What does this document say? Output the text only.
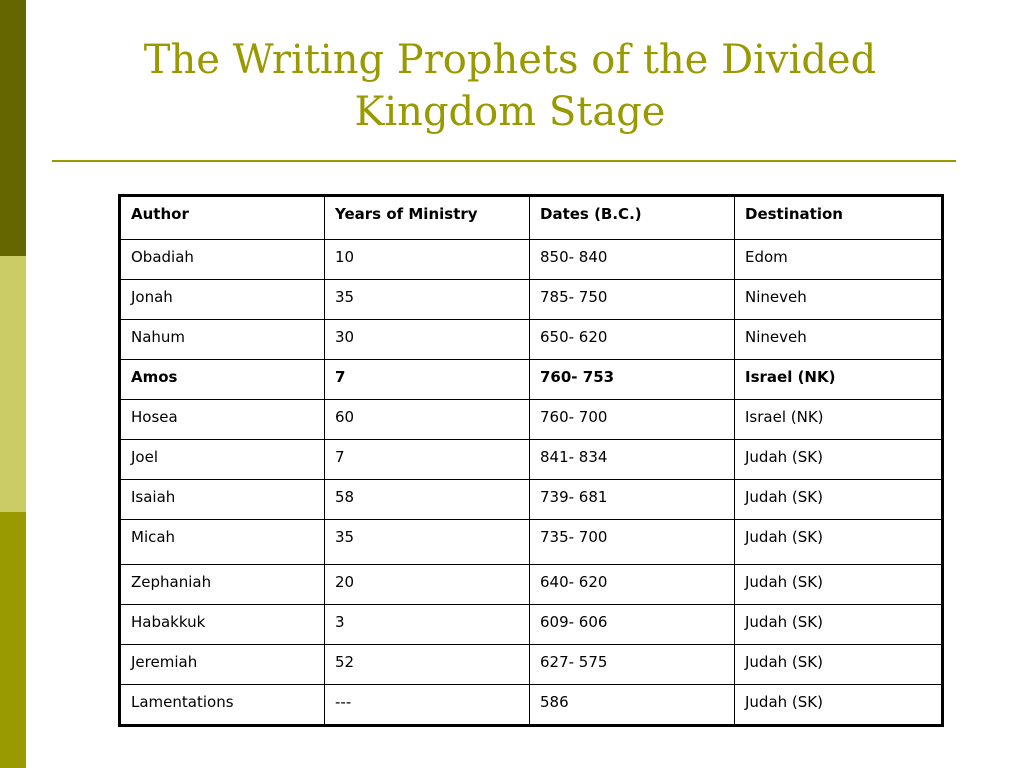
The Writing Prophets of the Divided
Kingdom Stage
Author	Years of Ministry	Dates (B.C.)	Destination
Obadiah	10	850- 840	Edom
Jonah	35	785- 750	Nineveh
Nahum	30	650- 620	Nineveh
Amos	7	760- 753	Israel (NK)
Hosea	60	760- 700	Israel (NK)
Joel	7	841- 834	Judah (SK)
Isaiah	58	739- 681	Judah (SK)
Micah	35	735- 700	Judah (SK)
Zephaniah	20	640- 620	Judah (SK)
Habakkuk	3	609- 606	Judah (SK)
Jeremiah	52	627- 575	Judah (SK)
Lamentations	---	586	Judah (SK)
